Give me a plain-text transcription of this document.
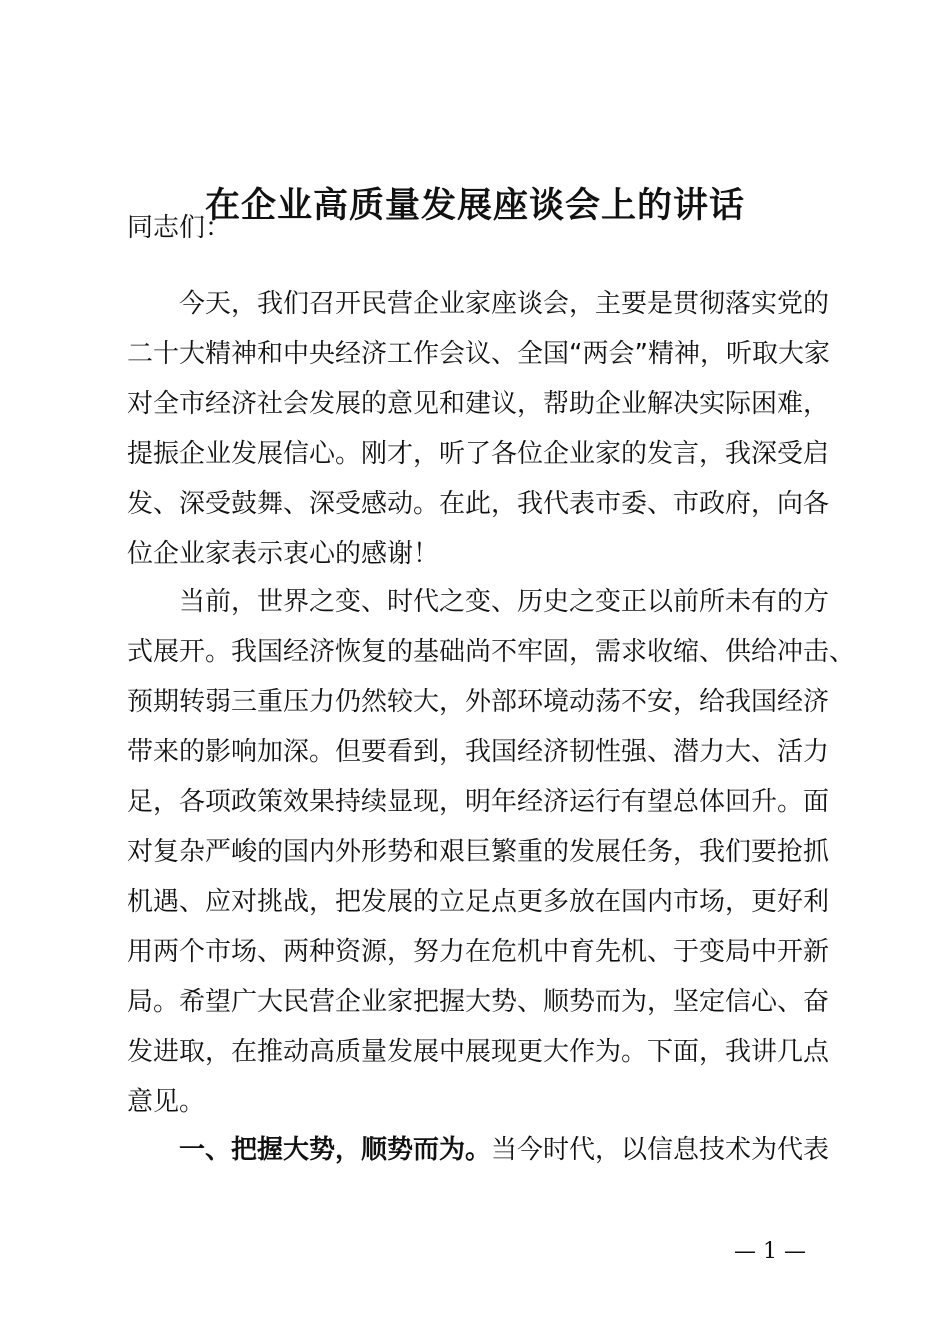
在企业高质量发展座谈会上的讲话
同志们：
今天，我们召开民营企业家座谈会，主要是贯彻落实党的
二十大精神和中央经济工作会议、全国“两会”精神，听取大家
对全市经济社会发展的意见和建议，帮助企业解决实际困难，
提振企业发展信心。刚才，听了各位企业家的发言，我深受启
发、深受鼓舞、深受感动。在此，我代表市委、市政府，向各
位企业家表示衷心的感谢！
当前，世界之变、时代之变、历史之变正以前所未有的方
式展开。我国经济恢复的基础尚不牢固，需求收缩、供给冲击、
预期转弱三重压力仍然较大，外部环境动荡不安，给我国经济
带来的影响加深。但要看到，我国经济韧性强、潜力大、活力
足，各项政策效果持续显现，明年经济运行有望总体回升。面
对复杂严峻的国内外形势和艰巨繁重的发展任务，我们要抢抓
机遇、应对挑战，把发展的立足点更多放在国内市场，更好利
用两个市场、两种资源，努力在危机中育先机、于变局中开新
局。希望广大民营企业家把握大势、顺势而为，坚定信心、奋
发进取，在推动高质量发展中展现更大作为。下面，我讲几点
意见。
一、把握大势，顺势而为。当今时代，以信息技术为代表
— 1 —
